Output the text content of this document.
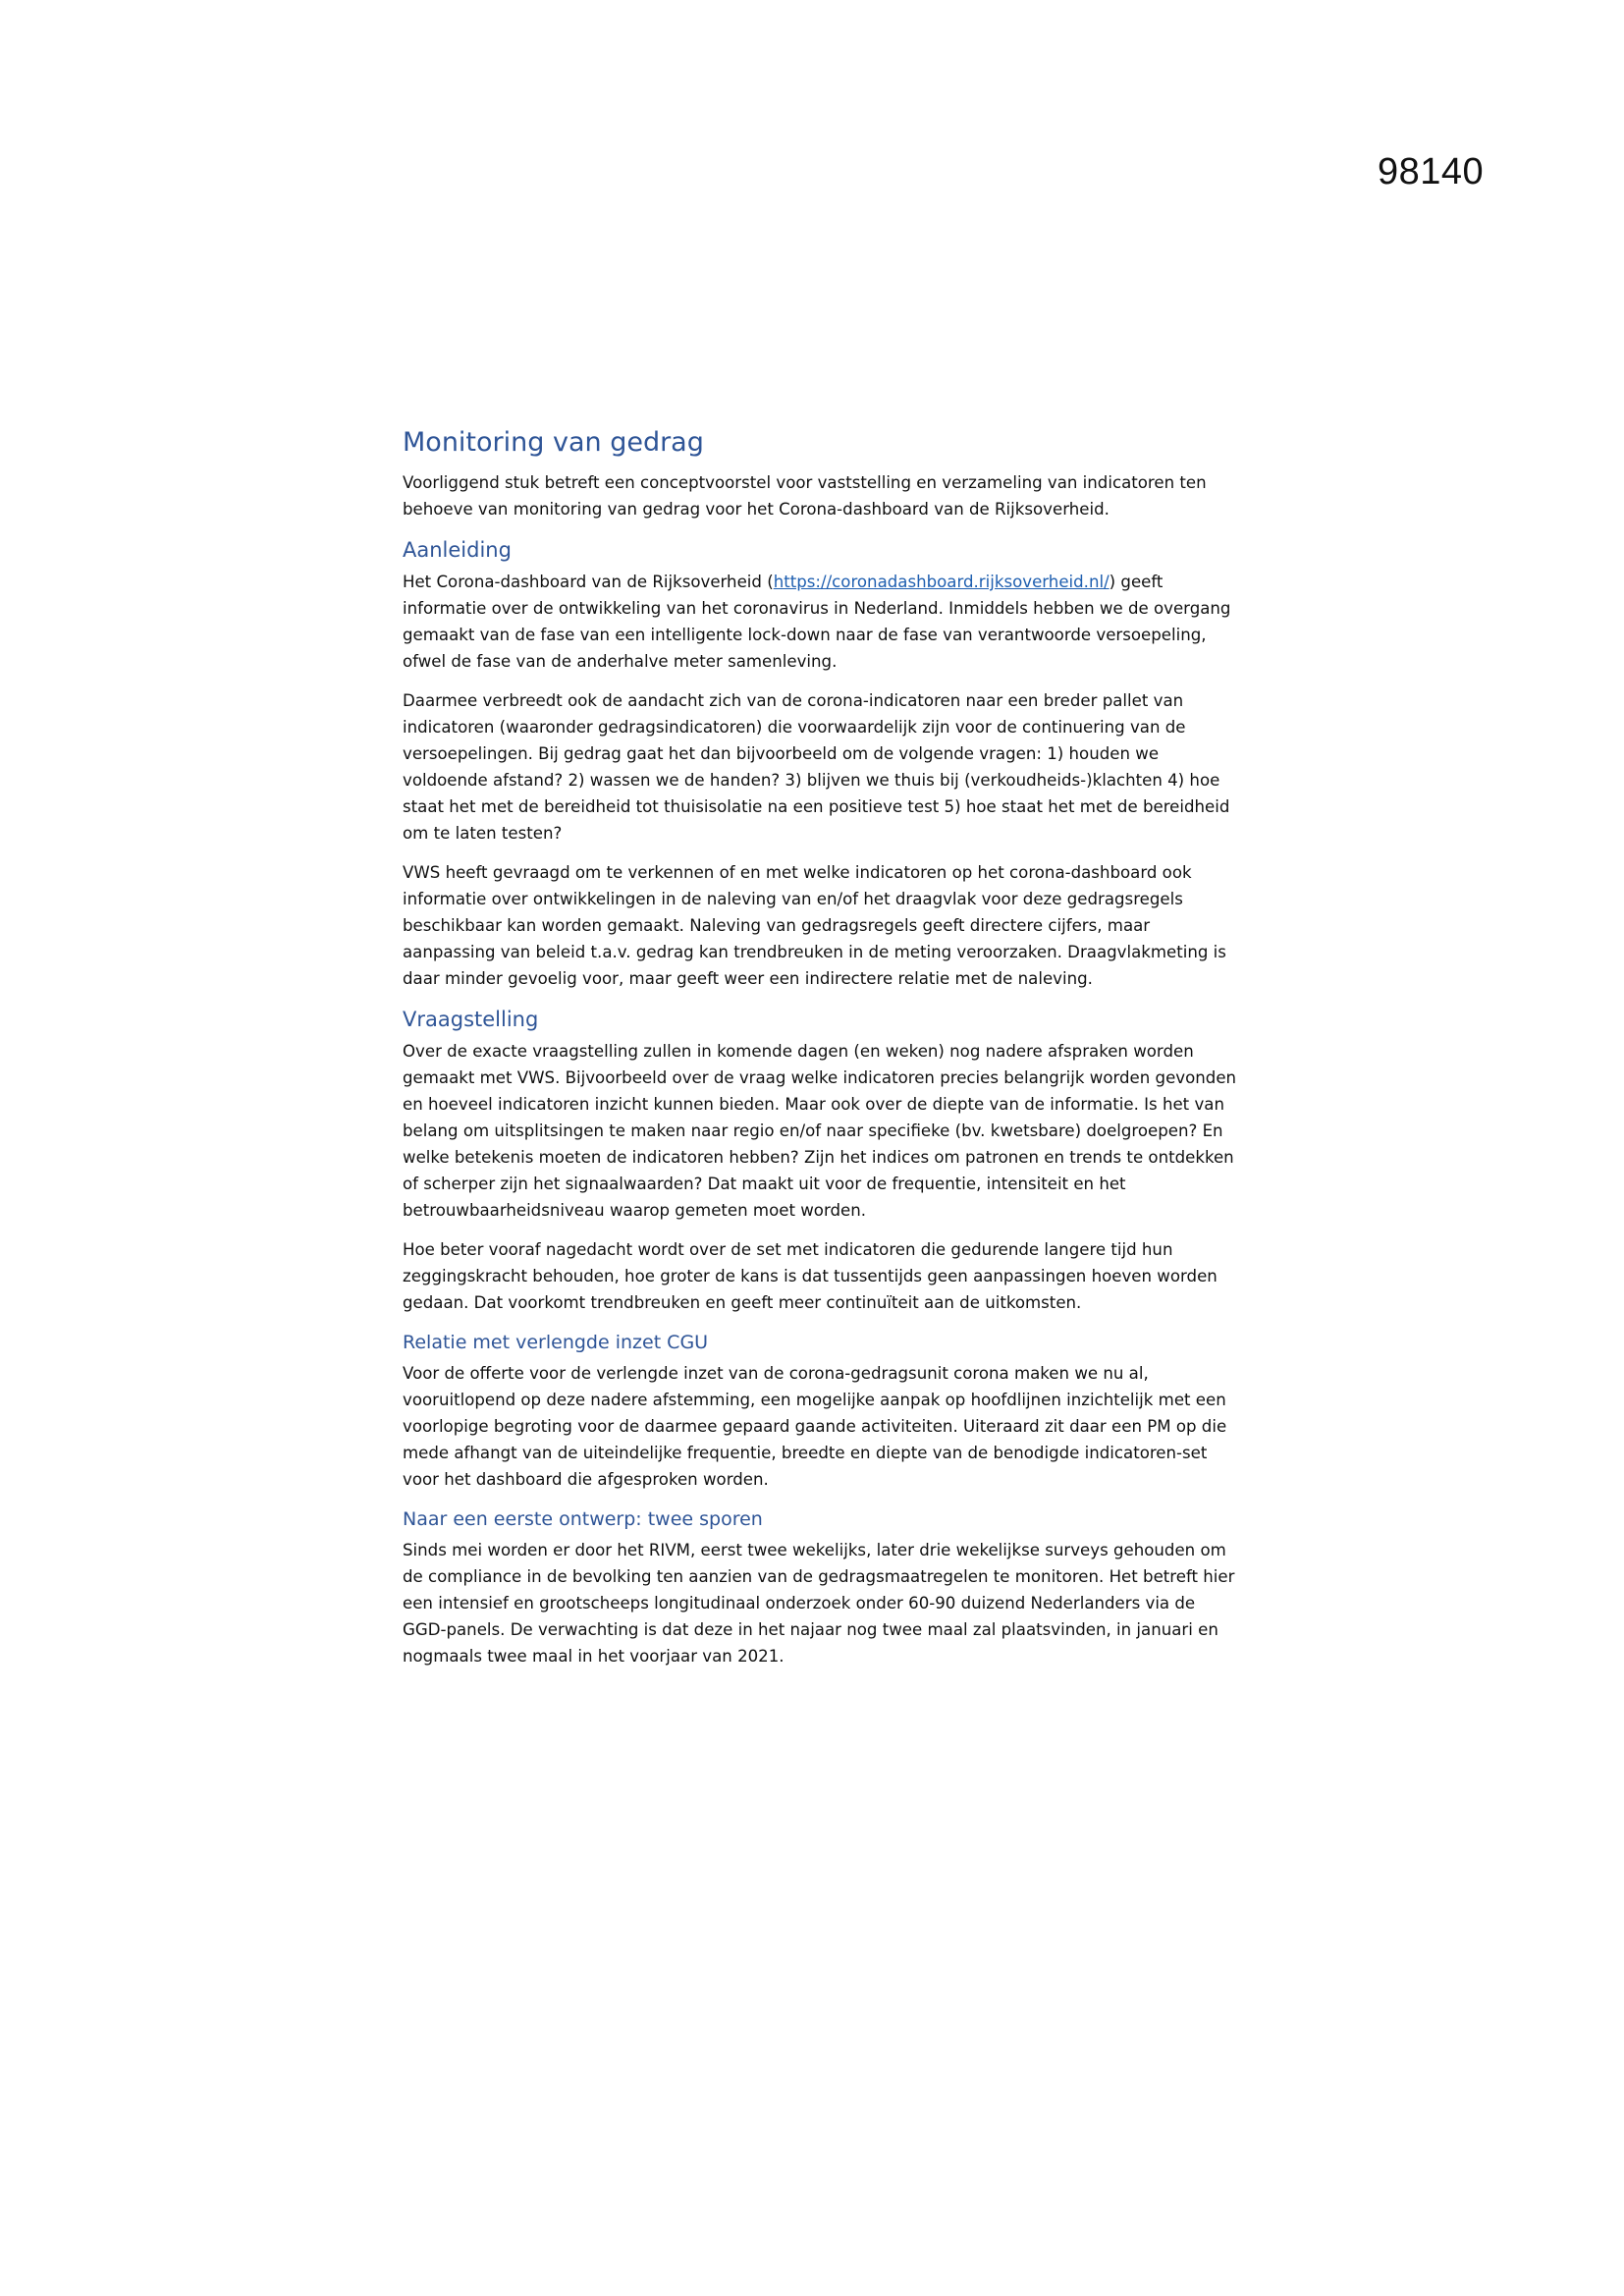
98140
Monitoring van gedrag

Voorliggend stuk betreft een conceptvoorstel voor vaststelling en verzameling van indicatoren ten behoeve van monitoring van gedrag voor het Corona-dashboard van de Rijksoverheid.

Aanleiding

Het Corona-dashboard van de Rijksoverheid (https://coronadashboard.rijksoverheid.nl/) geeft informatie over de ontwikkeling van het coronavirus in Nederland. Inmiddels hebben we de overgang gemaakt van de fase van een intelligente lock-down naar de fase van verantwoorde versoepeling, ofwel de fase van de anderhalve meter samenleving.

Daarmee verbreedt ook de aandacht zich van de corona-indicatoren naar een breder pallet van indicatoren (waaronder gedragsindicatoren) die voorwaardelijk zijn voor de continuering van de versoepelingen. Bij gedrag gaat het dan bijvoorbeeld om de volgende vragen: 1) houden we voldoende afstand? 2) wassen we de handen? 3) blijven we thuis bij (verkoudheids-)klachten 4) hoe staat het met de bereidheid tot thuisisolatie na een positieve test 5) hoe staat het met de bereidheid om te laten testen?

VWS heeft gevraagd om te verkennen of en met welke indicatoren op het corona-dashboard ook informatie over ontwikkelingen in de naleving van en/of het draagvlak voor deze gedragsregels beschikbaar kan worden gemaakt. Naleving van gedragsregels geeft directere cijfers, maar aanpassing van beleid t.a.v. gedrag kan trendbreuken in de meting veroorzaken. Draagvlakmeting is daar minder gevoelig voor, maar geeft weer een indirectere relatie met de naleving.

Vraagstelling

Over de exacte vraagstelling zullen in komende dagen (en weken) nog nadere afspraken worden gemaakt met VWS. Bijvoorbeeld over de vraag welke indicatoren precies belangrijk worden gevonden en hoeveel indicatoren inzicht kunnen bieden. Maar ook over de diepte van de informatie. Is het van belang om uitsplitsingen te maken naar regio en/of naar specifieke (bv. kwetsbare) doelgroepen? En welke betekenis moeten de indicatoren hebben? Zijn het indices om patronen en trends te ontdekken of scherper zijn het signaalwaarden? Dat maakt uit voor de frequentie, intensiteit en het betrouwbaarheidsniveau waarop gemeten moet worden.

Hoe beter vooraf nagedacht wordt over de set met indicatoren die gedurende langere tijd hun zeggingskracht behouden, hoe groter de kans is dat tussentijds geen aanpassingen hoeven worden gedaan. Dat voorkomt trendbreuken en geeft meer continuïteit aan de uitkomsten.

Relatie met verlengde inzet CGU

Voor de offerte voor de verlengde inzet van de corona-gedragsunit corona maken we nu al, vooruitlopend op deze nadere afstemming, een mogelijke aanpak op hoofdlijnen inzichtelijk met een voorlopige begroting voor de daarmee gepaard gaande activiteiten. Uiteraard zit daar een PM op die mede afhangt van de uiteindelijke frequentie, breedte en diepte van de benodigde indicatoren-set voor het dashboard die afgesproken worden.

Naar een eerste ontwerp: twee sporen

Sinds mei worden er door het RIVM, eerst twee wekelijks, later drie wekelijkse surveys gehouden om de compliance in de bevolking ten aanzien van de gedragsmaatregelen te monitoren. Het betreft hier een intensief en grootscheeps longitudinaal onderzoek onder 60-90 duizend Nederlanders via de GGD-panels. De verwachting is dat deze in het najaar nog twee maal zal plaatsvinden, in januari en nogmaals twee maal in het voorjaar van 2021.
